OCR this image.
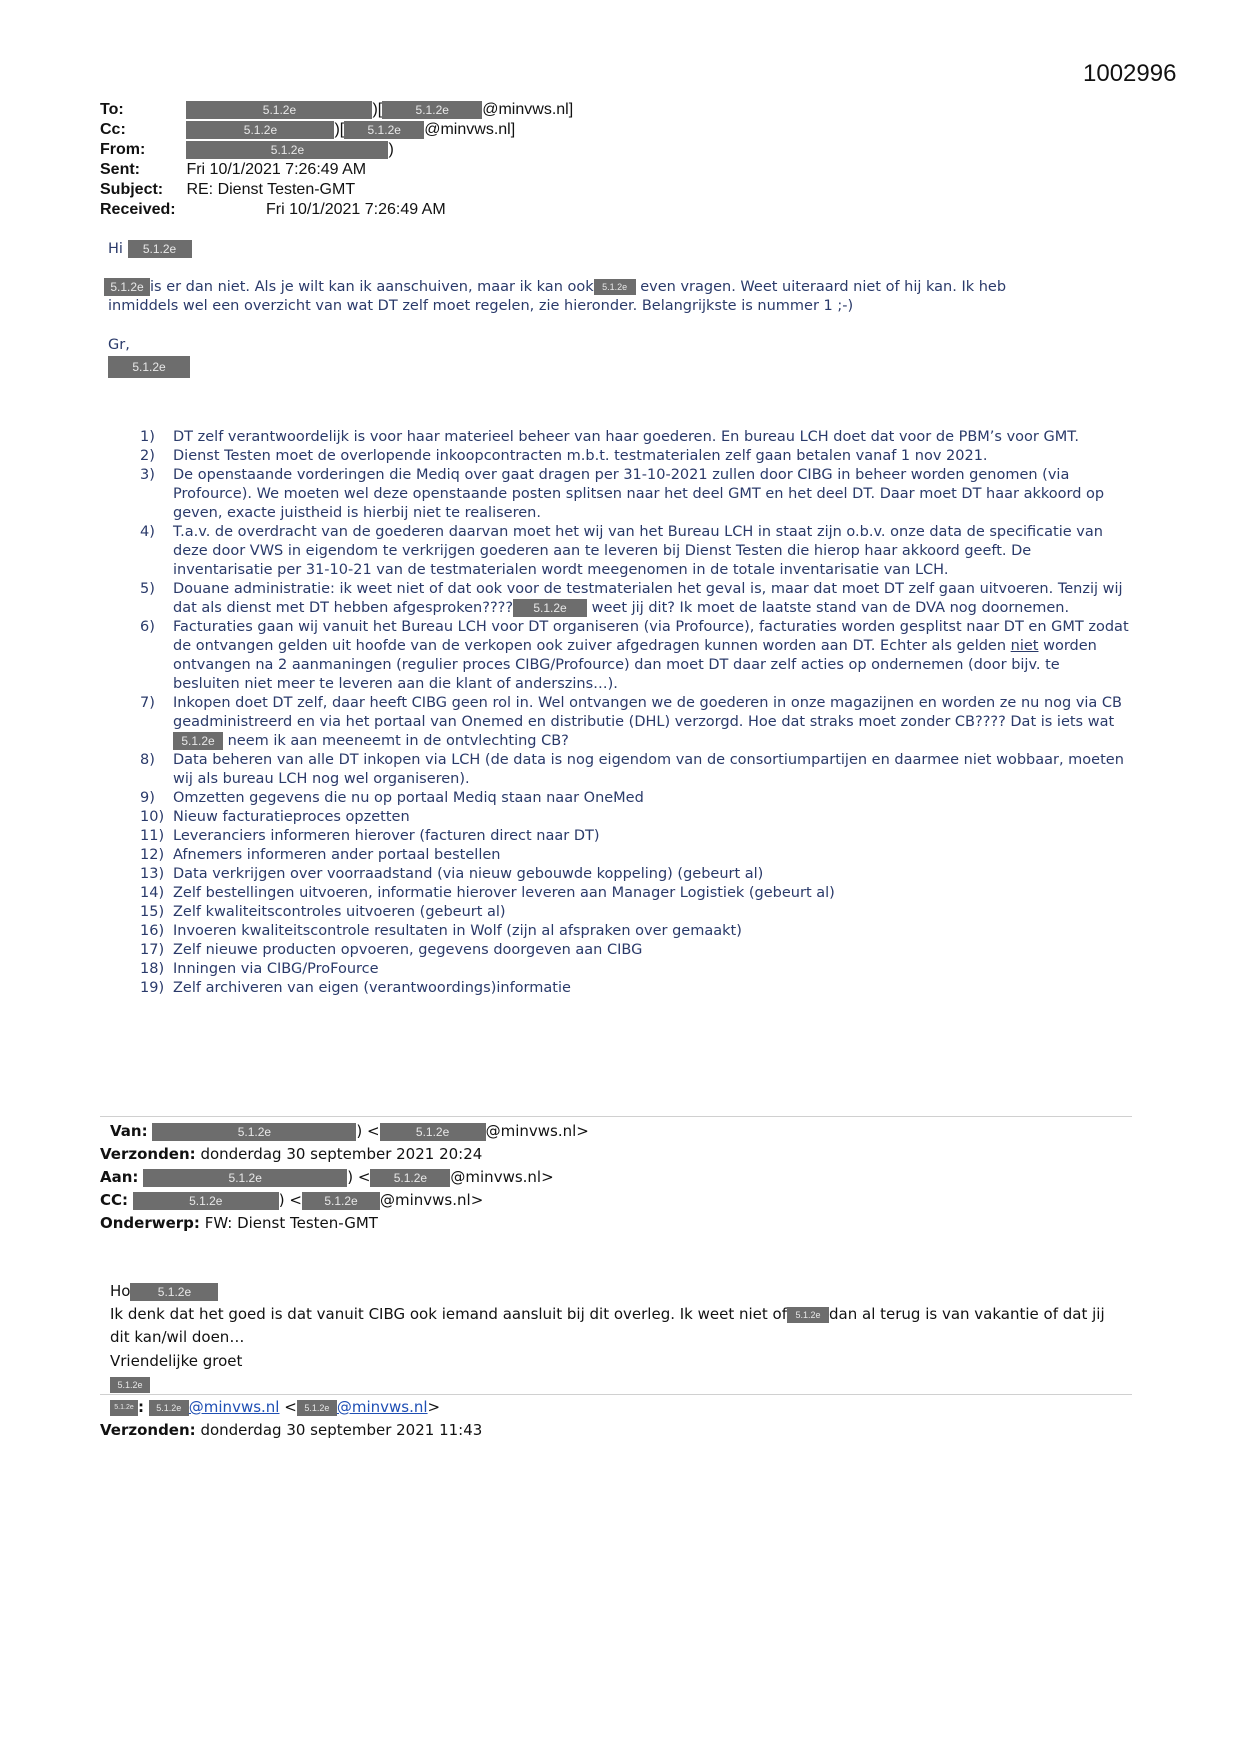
1002996
To:	5.1.2e	)[	5.1.2e @minvws.nl]
Cc:	5.1.2e	)[ 5.1.2e @minvws.nl]
From:	5.1.2e	)
Sent:	Fri 10/1/2021 7:26:49 AM
Subject: RE: Dienst Testen-GMT
Received:	Fri 10/1/2021 7:26:49 AM
Hi 5.1.2e
5.1.2e is er dan niet. Als je wilt kan ik aanschuiven, maar ik kan ook 5.1.2e even vragen. Weet uiteraard niet of hij kan. Ik heb
inmiddels wel een overzicht van wat DT zelf moet regelen, zie hieronder. Belangrijkste is nummer 1 ;-)
Gr,
5.1.2e
1) DT zelf verantwoordelijk is voor haar materieel beheer van haar goederen. En bureau LCH doet dat voor de PBM’s voor GMT.
2) Dienst Testen moet de overlopende inkoopcontracten m.b.t. testmaterialen zelf gaan betalen vanaf 1 nov 2021.
3) De openstaande vorderingen die Mediq over gaat dragen per 31-10-2021 zullen door CIBG in beheer worden genomen (via Profource). We moeten wel deze openstaande posten splitsen naar het deel GMT en het deel DT. Daar moet DT haar akkoord op geven, exacte juistheid is hierbij niet te realiseren.
4) T.a.v. de overdracht van de goederen daarvan moet het wij van het Bureau LCH in staat zijn o.b.v. onze data de specificatie van deze door VWS in eigendom te verkrijgen goederen aan te leveren bij Dienst Testen die hierop haar akkoord geeft. De inventarisatie per 31-10-21 van de testmaterialen wordt meegenomen in de totale inventarisatie van LCH.
5) Douane administratie: ik weet niet of dat ook voor de testmaterialen het geval is, maar dat moet DT zelf gaan uitvoeren. Tenzij wij dat als dienst met DT hebben afgesproken???? 5.1.2e weet jij dit? Ik moet de laatste stand van de DVA nog doornemen.
6) Facturaties gaan wij vanuit het Bureau LCH voor DT organiseren (via Profource), facturaties worden gesplitst naar DT en GMT zodat de ontvangen gelden uit hoofde van de verkopen ook zuiver afgedragen kunnen worden aan DT. Echter als gelden niet worden ontvangen na 2 aanmaningen (regulier proces CIBG/Profource) dan moet DT daar zelf acties op ondernemen (door bijv. te besluiten niet meer te leveren aan die klant of anderszins…).
7) Inkopen doet DT zelf, daar heeft CIBG geen rol in. Wel ontvangen we de goederen in onze magazijnen en worden ze nu nog via CB geadministreerd en via het portaal van Onemed en distributie (DHL) verzorgd. Hoe dat straks moet zonder CB???? Dat is iets wat5.1.2e neem ik aan meeneemt in de ontvlechting CB?
8) Data beheren van alle DT inkopen via LCH (de data is nog eigendom van de consortiumpartijen en daarmee niet wobbaar, moeten wij als bureau LCH nog wel organiseren).
9) Omzetten gegevens die nu op portaal Mediq staan naar OneMed
10) Nieuw facturatieproces opzetten
11) Leveranciers informeren hierover (facturen direct naar DT)
12) Afnemers informeren ander portaal bestellen
13) Data verkrijgen over voorraadstand (via nieuw gebouwde koppeling) (gebeurt al)
14) Zelf bestellingen uitvoeren, informatie hierover leveren aan Manager Logistiek (gebeurt al)
15) Zelf kwaliteitscontroles uitvoeren (gebeurt al)
16) Invoeren kwaliteitscontrole resultaten in Wolf (zijn al afspraken over gemaakt)
17) Zelf nieuwe producten opvoeren, gegevens doorgeven aan CIBG
18) Inningen via CIBG/ProFource
19) Zelf archiveren van eigen (verantwoordings)informatie
Van:	5.1.2e	) <	5.1.2e @minvws.nl>
Verzonden: donderdag 30 september 2021 20:24
Aan:	5.1.2e	) < 5.1.2e @minvws.nl>
CC:	5.1.2e	) < 5.1.2e @minvws.nl>
Onderwerp: FW: Dienst Testen-GMT
Ho 5.1.2e
Ik denk dat het goed is dat vanuit CIBG ook iemand aansluit bij dit overleg. Ik weet niet of 5.1.2e dan al terug is van vakantie of dat jij
dit kan/wil doen…
Vriendelijke groet
5.1.2e
5.1.2e : 5.1.2e @minvws.nl < 5.1.2e @minvws.nl>
Verzonden: donderdag 30 september 2021 11:43
